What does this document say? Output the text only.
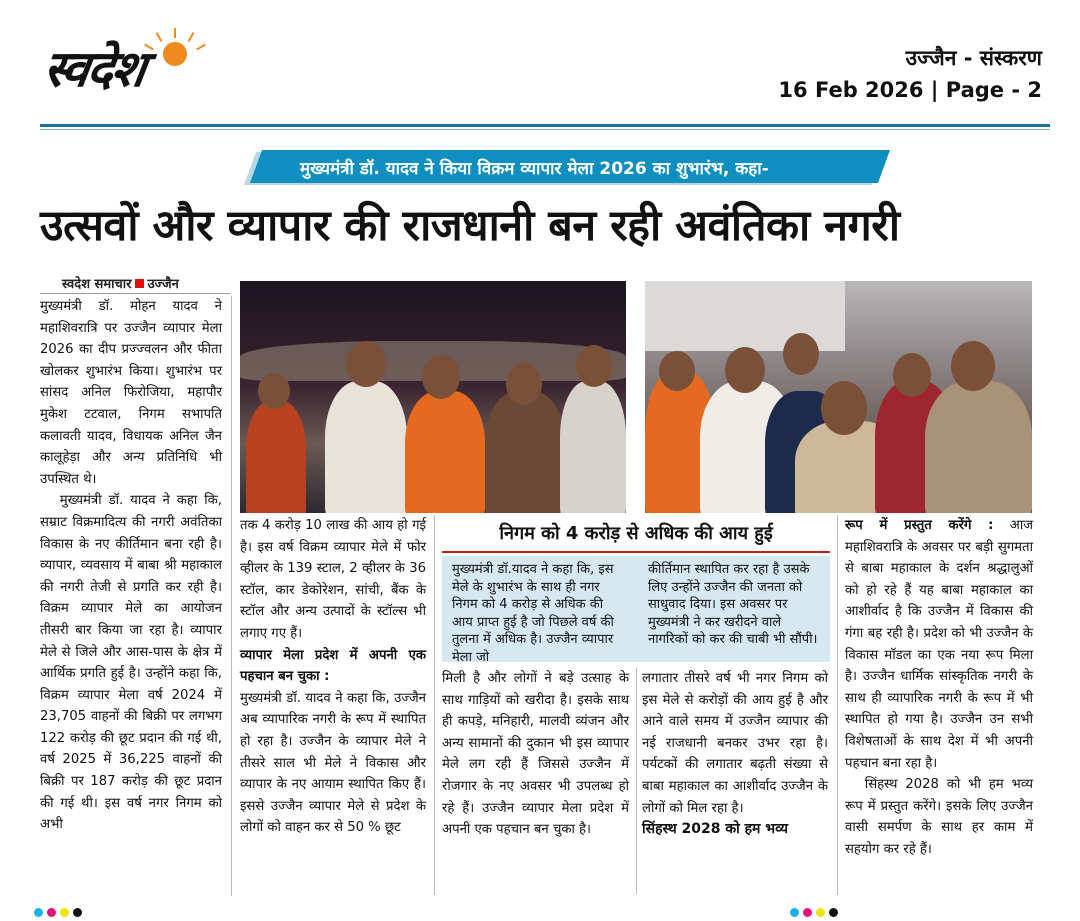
स्वदेश	उज्जैन - संस्करण
16 Feb 2026 | Page - 2
मुख्यमंत्री डॉ. यादव ने किया विक्रम व्यापार मेला 2026 का शुभारंभ, कहा-
उत्सवों और व्यापार की राजधानी बन रही अवंतिका नगरी
स्वदेश समाचार उज्जैन

मुख्यमंत्री डॉ. मोहन यादव ने महाशिवरात्रि पर उज्जैन व्यापार मेला 2026 का दीप प्रज्ज्वलन और फीता खोलकर शुभारंभ किया। शुभारंभ पर सांसद अनिल फिरोजिया, महापौर मुकेश टटवाल, निगम सभापति कलावती यादव, विधायक अनिल जैन कालूहेड़ा और अन्य प्रतिनिधि भी उपस्थित थे।

मुख्यमंत्री डॉ. यादव ने कहा कि, सम्राट विक्रमादित्य की नगरी अवंतिका विकास के नए कीर्तिमान बना रही है। व्यापार, व्यवसाय में बाबा श्री महाकाल की नगरी तेजी से प्रगति कर रही है। विक्रम व्यापार मेले का आयोजन तीसरी बार किया जा रहा है। व्यापार मेले से जिले और आस-पास के क्षेत्र में आर्थिक प्रगति हुई है। उन्होंने कहा कि, विक्रम व्यापार मेला वर्ष 2024 में 23,705 वाहनों की बिक्री पर लगभग 122 करोड़ की छूट प्रदान की गई थी, वर्ष 2025 में 36,225 वाहनों की बिक्री पर 187 करोड़ की छूट प्रदान की गई थी। इस वर्ष नगर निगम को अभी

तक 4 करोड़ 10 लाख की आय हो गई है। इस वर्ष विक्रम व्यापार मेले में फोर व्हीलर के 139 स्टाल, 2 व्हीलर के 36 स्टॉल, कार डेकोरेशन, सांची, बैंक के स्टॉल और अन्य उत्पादों के स्टॉल्स भी लगाए गए हैं।

व्यापार मेला प्रदेश में अपनी एक पहचान बन चुका :

मुख्यमंत्री डॉ. यादव ने कहा कि, उज्जैन अब व्यापारिक नगरी के रूप में स्थापित हो रहा है। उज्जैन के व्यापार मेले ने तीसरे साल भी मेले ने विकास और व्यापार के नए आयाम स्थापित किए हैं। इससे उज्जैन व्यापार मेले से प्रदेश के लोगों को वाहन कर से 50 % छूट

निगम को 4 करोड़ से अधिक की आय हुई
मुख्यमंत्री डॉ.यादव ने कहा कि, इस मेले के शुभारंभ के साथ ही नगर निगम को 4 करोड़ से अधिक की आय प्राप्त हुई है जो पिछले वर्ष की तुलना में अधिक है। उज्जैन व्यापार मेला जो
कीर्तिमान स्थापित कर रहा है उसके लिए उन्होंने उज्जैन की जनता को साधुवाद दिया। इस अवसर पर मुख्यमंत्री ने कर खरीदने वाले नागरिकों को कर की चाबी भी सौंपी।

मिली है और लोगों ने बड़े उत्साह के साथ गाड़ियों को खरीदा है। इसके साथ ही कपड़े, मनिहारी, मालवी व्यंजन और अन्य सामानों की दुकान भी इस व्यापार मेले लग रही हैं जिससे उज्जैन में रोजगार के नए अवसर भी उपलब्ध हो रहे हैं। उज्जैन व्यापार मेला प्रदेश में अपनी एक पहचान बन चुका है।

लगातार तीसरे वर्ष भी नगर निगम को इस मेले से करोड़ों की आय हुई है और आने वाले समय में उज्जैन व्यापार की नई राजधानी बनकर उभर रहा है। पर्यटकों की लगातार बढ़ती संख्या से बाबा महाकाल का आशीर्वाद उज्जैन के लोगों को मिल रहा है।

सिंहस्थ 2028 को हम भव्य

रूप में प्रस्तुत करेंगे : आज महाशिवरात्रि के अवसर पर बड़ी सुगमता से बाबा महाकाल के दर्शन श्रद्धालुओं को हो रहे हैं यह बाबा महाकाल का आशीर्वाद है कि उज्जैन में विकास की गंगा बह रही है। प्रदेश को भी उज्जैन के विकास मॉडल का एक नया रूप मिला है। उज्जैन धार्मिक सांस्कृतिक नगरी के साथ ही व्यापारिक नगरी के रूप में भी स्थापित हो गया है। उज्जैन उन सभी विशेषताओं के साथ देश में भी अपनी पहचान बना रहा है।

सिंहस्थ 2028 को भी हम भव्य रूप में प्रस्तुत करेंगे। इसके लिए उज्जैन वासी समर्पण के साथ हर काम में सहयोग कर रहे हैं।
